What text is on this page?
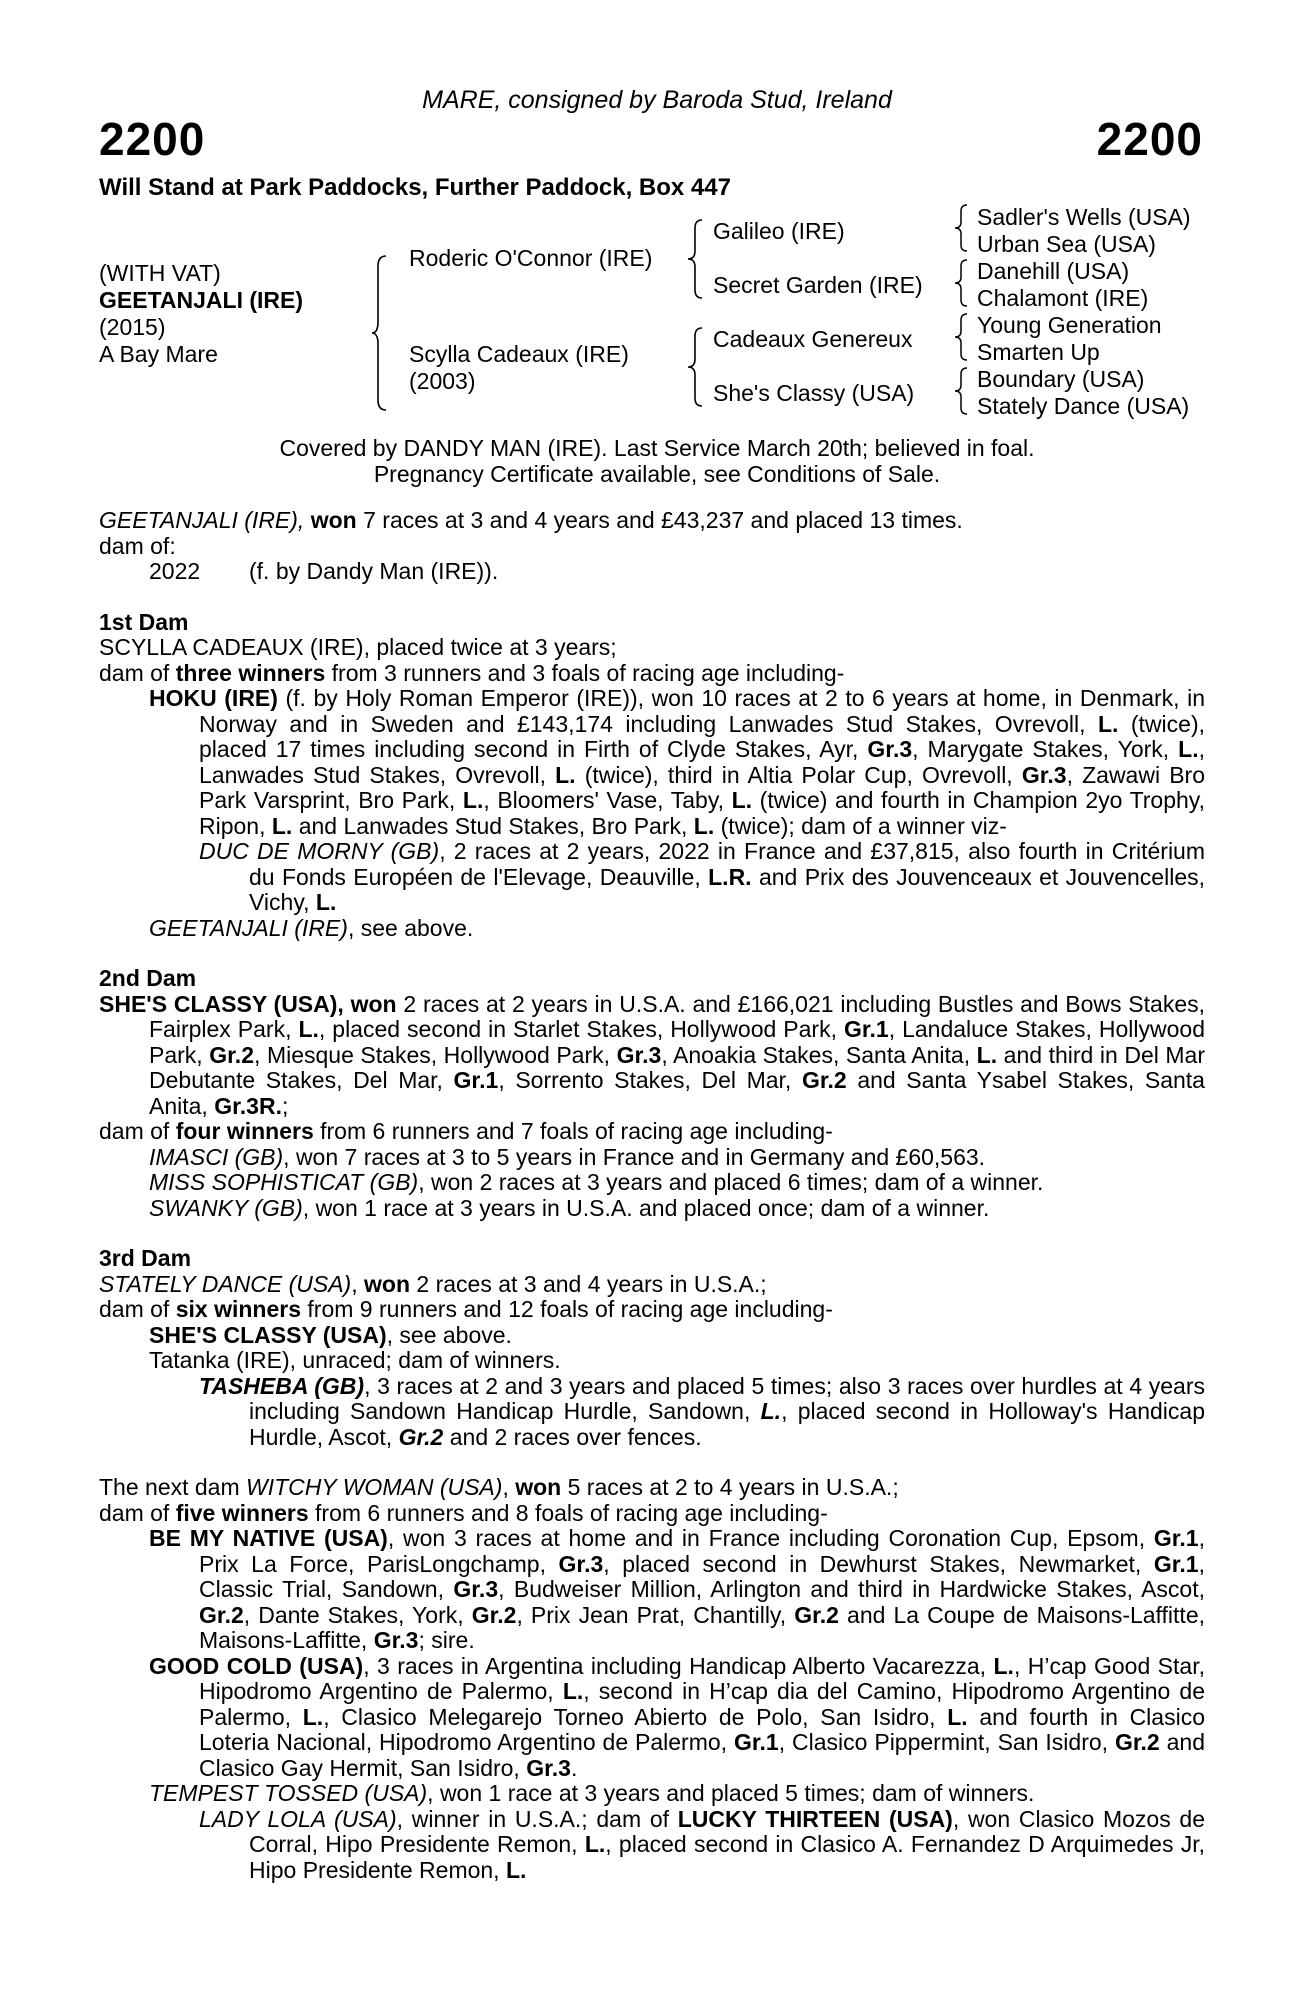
MARE, consigned by Baroda Stud, Ireland
2200	2200
Will Stand at Park Paddocks, Further Paddock, Box 447
(WITH VAT)
GEETANJALI (IRE)
(2015)
A Bay Mare
Roderic O'Connor (IRE)
Scylla Cadeaux (IRE)
(2003)
Galileo (IRE)
Secret Garden (IRE)
Cadeaux Genereux
She's Classy (USA)
Sadler's Wells (USA)
Urban Sea (USA)
Danehill (USA)
Chalamont (IRE)
Young Generation
Smarten Up
Boundary (USA)
Stately Dance (USA)
Covered by DANDY MAN (IRE). Last Service March 20th; believed in foal.
Pregnancy Certificate available, see Conditions of Sale.

GEETANJALI (IRE), won 7 races at 3 and 4 years and £43,237 and placed 13 times.

dam of:

2022 (f. by Dandy Man (IRE)).

1st Dam

SCYLLA CADEAUX (IRE), placed twice at 3 years;

dam of three winners from 3 runners and 3 foals of racing age including-

HOKU (IRE) (f. by Holy Roman Emperor (IRE)), won 10 races at 2 to 6 years at home, in Denmark, in Norway and in Sweden and £143,174 including Lanwades Stud Stakes, Ovrevoll, L. (twice), placed 17 times including second in Firth of Clyde Stakes, Ayr, Gr.3, Marygate Stakes, York, L., Lanwades Stud Stakes, Ovrevoll, L. (twice), third in Altia Polar Cup, Ovrevoll, Gr.3, Zawawi Bro Park Varsprint, Bro Park, L., Bloomers' Vase, Taby, L. (twice) and fourth in Champion 2yo Trophy, Ripon, L. and Lanwades Stud Stakes, Bro Park, L. (twice); dam of a winner viz-

DUC DE MORNY (GB), 2 races at 2 years, 2022 in France and £37,815, also fourth in Critérium du Fonds Européen de l'Elevage, Deauville, L.R. and Prix des Jouvenceaux et Jouvencelles, Vichy, L.

GEETANJALI (IRE), see above.

2nd Dam

SHE'S CLASSY (USA), won 2 races at 2 years in U.S.A. and £166,021 including Bustles and Bows Stakes, Fairplex Park, L., placed second in Starlet Stakes, Hollywood Park, Gr.1, Landaluce Stakes, Hollywood Park, Gr.2, Miesque Stakes, Hollywood Park, Gr.3, Anoakia Stakes, Santa Anita, L. and third in Del Mar Debutante Stakes, Del Mar, Gr.1, Sorrento Stakes, Del Mar, Gr.2 and Santa Ysabel Stakes, Santa Anita, Gr.3R.;

dam of four winners from 6 runners and 7 foals of racing age including-

IMASCI (GB), won 7 races at 3 to 5 years in France and in Germany and £60,563.

MISS SOPHISTICAT (GB), won 2 races at 3 years and placed 6 times; dam of a winner.

SWANKY (GB), won 1 race at 3 years in U.S.A. and placed once; dam of a winner.

3rd Dam

STATELY DANCE (USA), won 2 races at 3 and 4 years in U.S.A.;

dam of six winners from 9 runners and 12 foals of racing age including-

SHE'S CLASSY (USA), see above.

Tatanka (IRE), unraced; dam of winners.

TASHEBA (GB), 3 races at 2 and 3 years and placed 5 times; also 3 races over hurdles at 4 years including Sandown Handicap Hurdle, Sandown, L., placed second in Holloway's Handicap Hurdle, Ascot, Gr.2 and 2 races over fences.

The next dam WITCHY WOMAN (USA), won 5 races at 2 to 4 years in U.S.A.;

dam of five winners from 6 runners and 8 foals of racing age including-

BE MY NATIVE (USA), won 3 races at home and in France including Coronation Cup, Epsom, Gr.1, Prix La Force, ParisLongchamp, Gr.3, placed second in Dewhurst Stakes, Newmarket, Gr.1, Classic Trial, Sandown, Gr.3, Budweiser Million, Arlington and third in Hardwicke Stakes, Ascot, Gr.2, Dante Stakes, York, Gr.2, Prix Jean Prat, Chantilly, Gr.2 and La Coupe de Maisons-Laffitte, Maisons-Laffitte, Gr.3; sire.

GOOD COLD (USA), 3 races in Argentina including Handicap Alberto Vacarezza, L., H’cap Good Star, Hipodromo Argentino de Palermo, L., second in H’cap dia del Camino, Hipodromo Argentino de Palermo, L., Clasico Melegarejo Torneo Abierto de Polo, San Isidro, L. and fourth in Clasico Loteria Nacional, Hipodromo Argentino de Palermo, Gr.1, Clasico Pippermint, San Isidro, Gr.2 and Clasico Gay Hermit, San Isidro, Gr.3.

TEMPEST TOSSED (USA), won 1 race at 3 years and placed 5 times; dam of winners.

LADY LOLA (USA), winner in U.S.A.; dam of LUCKY THIRTEEN (USA), won Clasico Mozos de Corral, Hipo Presidente Remon, L., placed second in Clasico A. Fernandez D Arquimedes Jr, Hipo Presidente Remon, L.
